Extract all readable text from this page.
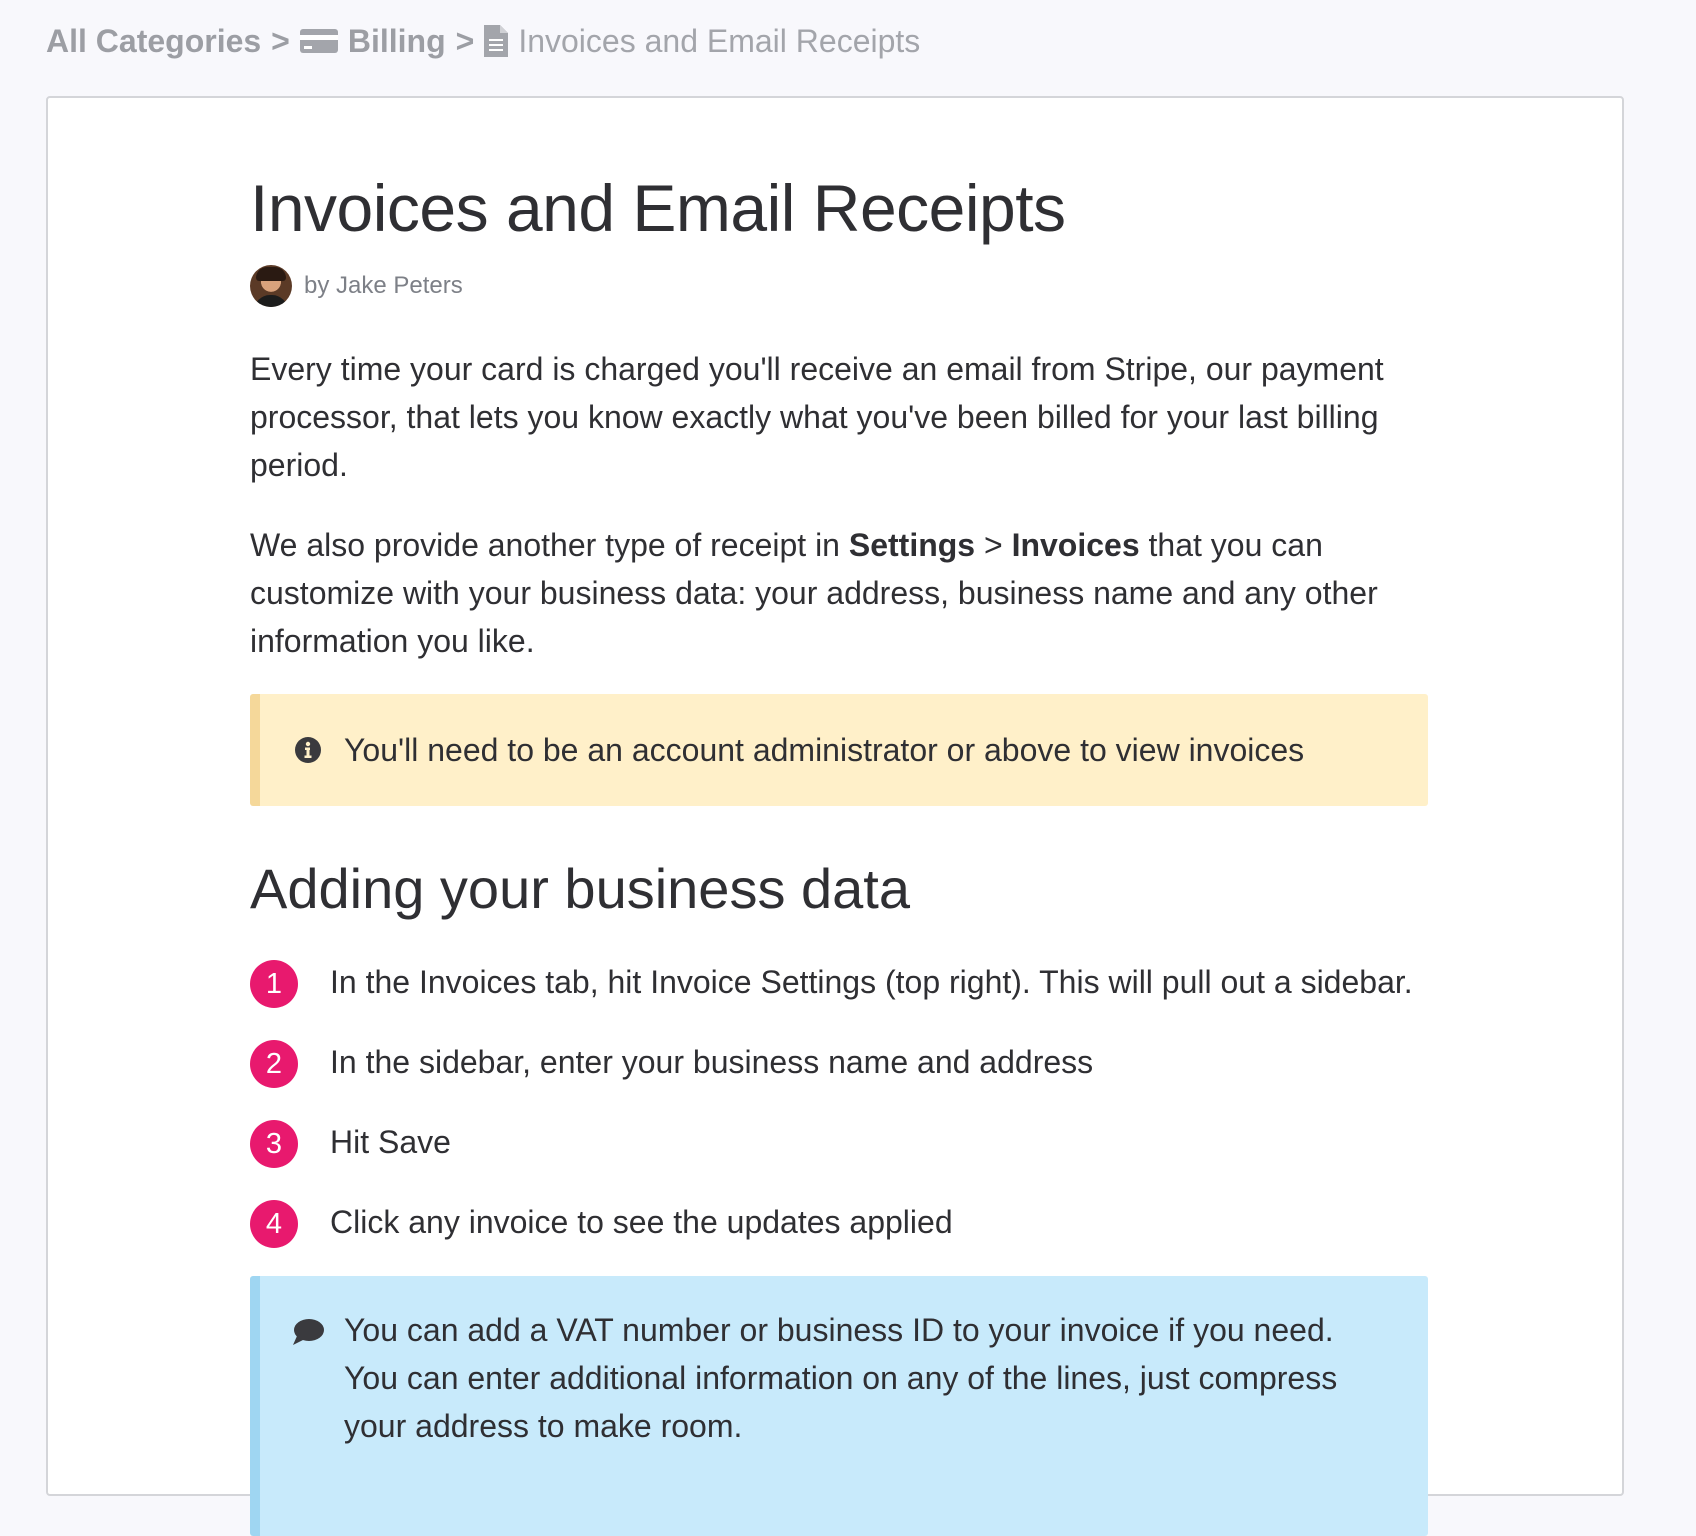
All Categories > Billing > Invoices and Email Receipts
Invoices and Email Receipts
by Jake Peters

Every time your card is charged you'll receive an email from Stripe, our payment processor, that lets you know exactly what you've been billed for your last billing period.

We also provide another type of receipt in Settings > Invoices that you can customize with your business data: your address, business name and any other information you like.

You'll need to be an account administrator or above to view invoices
Adding your business data
1	In the Invoices tab, hit Invoice Settings (top right). This will pull out a sidebar.
2	In the sidebar, enter your business name and address
3	Hit Save
4	Click any invoice to see the updates applied
You can add a VAT number or business ID to your invoice if you need. You can enter additional information on any of the lines, just compress your address to make room.
